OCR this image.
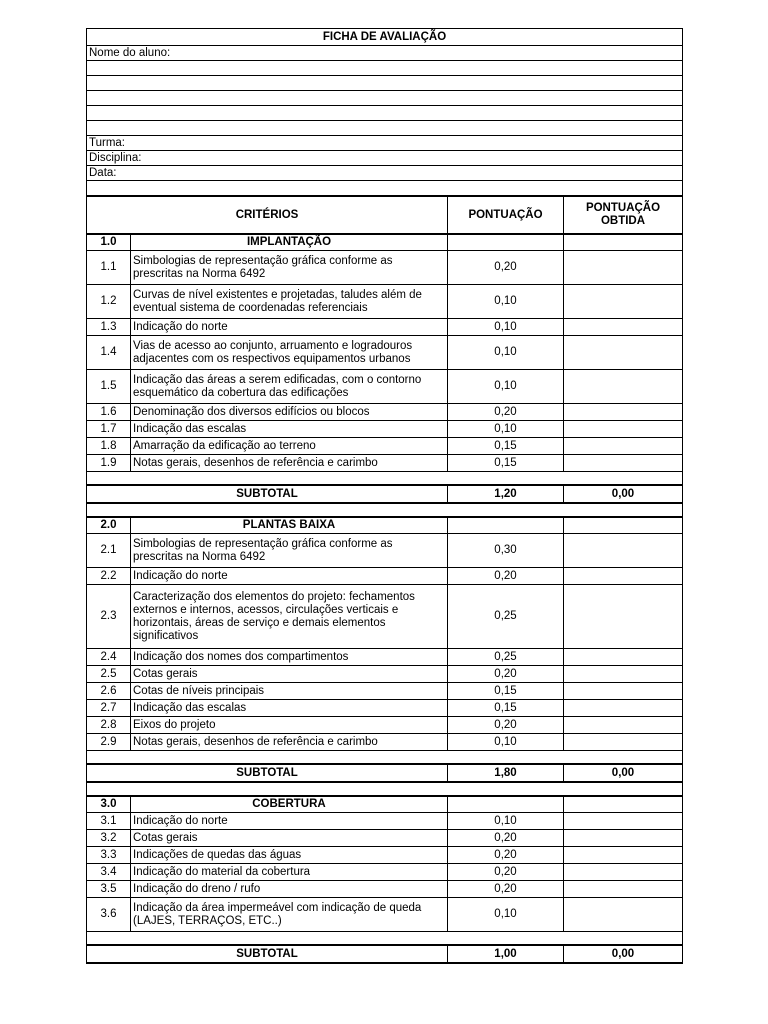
FICHA DE AVALIAÇÃO			
Nome do aluno:			

Turma:			
Disciplina:			
Data:			

CRITÉRIOS		PONTUAÇÃO	PONTUAÇÃO OBTIDA
1.0	IMPLANTAÇÃO		
1.1	Simbologias de representação gráfica conforme as prescritas na Norma 6492	0,20	
1.2	Curvas de nível existentes e projetadas, taludes além de eventual sistema de coordenadas referenciais	0,10	
1.3	Indicação do norte	0,10	
1.4	Vias de acesso ao conjunto, arruamento e logradouros adjacentes com os respectivos equipamentos urbanos	0,10	
1.5	Indicação das áreas a serem edificadas, com o contorno esquemático da cobertura das edificações	0,10	
1.6	Denominação dos diversos edifícios ou blocos	0,20	
1.7	Indicação das escalas	0,10	
1.8	Amarração da edificação ao terreno	0,15	
1.9	Notas gerais, desenhos de referência e carimbo	0,15	

SUBTOTAL		1,20	0,00

2.0	PLANTAS BAIXA		
2.1	Simbologias de representação gráfica conforme as prescritas na Norma 6492	0,30	
2.2	Indicação do norte	0,20	
2.3	Caracterização dos elementos do projeto: fechamentos externos e internos, acessos, circulações verticais e horizontais, áreas de serviço e demais elementos significativos	0,25	
2.4	Indicação dos nomes dos compartimentos	0,25	
2.5	Cotas gerais	0,20	
2.6	Cotas de níveis principais	0,15	
2.7	Indicação das escalas	0,15	
2.8	Eixos do projeto	0,20	
2.9	Notas gerais, desenhos de referência e carimbo	0,10	

SUBTOTAL		1,80	0,00

3.0	COBERTURA		
3.1	Indicação do norte	0,10	
3.2	Cotas gerais	0,20	
3.3	Indicações de quedas das águas	0,20	
3.4	Indicação do material da cobertura	0,20	
3.5	Indicação do dreno / rufo	0,20	
3.6	Indicação da área impermeável com indicação de queda (LAJES, TERRAÇOS, ETC..)	0,10	

SUBTOTAL		1,00	0,00
